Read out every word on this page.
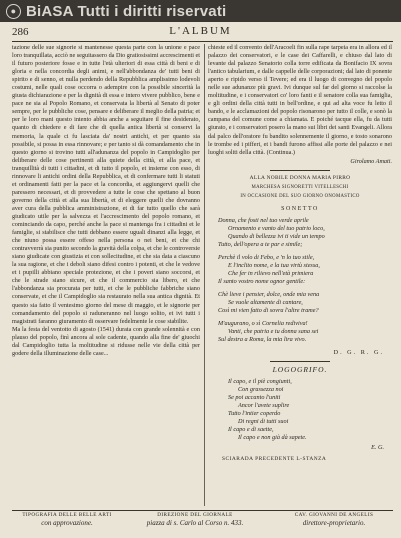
● BiASA Tutti i diritti riservati
286	L'ALBUM

tazione delle sue signorie si mantenesse questa parte con la unione e pace loro tranquillata, acciò ne seguitassero da Dio gratiosissimi accrescimenti et il futuro posteriore fosse e in tutte l'età ulteriori di essa città di beni e di gloria e nella concordia degli animi, e nell'abbondanza de' tutti beni di spirito e di senno, et nulla perdendo della Repubblica amplissimo lodevoli costumi, nelle quali cose occorra o adempire con la possibile sincerità la giusta dichiarazione e per la dignità di essa e intero vivere pubblico, bene e pace ne sia al Popolo Romano, et conservata la libertà al Senato di poter sempre, per le pubbliche cose, pensare e deliberare il meglio della patria; et per le loro mani questo intento abbia anche a seguitare il fine desiderato, quanto di chiedere e di fare che di quella antica libertà si conservi la memoria, la quale ci fu lasciata da' nostri antichi, et per quanto sia possibile, si possa in essa rinnovare; e per tanto si dà comandamento che in questo giorno si trovino tutti all'adunanza del popolo in Campidoglio per deliberare delle cose pertinenti alla quiete della città, et alla pace, et tranquillità di tutti i cittadini, et di tutto il popolo, et insieme con esso, di rinnovare li antichi ordini della Repubblica, et di confermare tutti li statuti et ordinamenti fatti per la pace et la concordia, et aggiungervi quelli che paressero necessari, et di provvedere a tutte le cose che spettano al buon governo della città et alla sua libertà, et di eleggere quelli che dovranno aver cura della pubblica amministrazione, et di far tutto quello che sarà giudicato utile per la salvezza et l'accrescimento del popolo romano, et cominciando da capo, perché anche la pace si mantenga fra i cittadini et le famiglie, si stabilisce che tutti debbano essere uguali dinanzi alla legge, et che niuno possa essere offeso nella persona o nei beni, et che chi contravverrà sia punito secondo la gravità della colpa, et che le controversie siano giudicate con giustizia et con sollecitudine, et che sia data a ciascuno la sua ragione, et che i deboli siano difesi contro i potenti, et che le vedove et i pupilli abbiano speciale protezione, et che i poveri siano soccorsi, et che le strade siano sicure, et che il commercio sia libero, et che l'abbondanza sia procurata per tutti, et che le pubbliche fabbriche siano conservate, et che il Campidoglio sia restaurato nella sua antica dignità. Et questo sia fatto il ventesimo giorno del mese di maggio, et le signorie per comandamento del popolo si raduneranno nel luogo solito, et ivi tutti i magistrati faranno giuramento di osservare fedelmente le cose stabilite.

Ma la festa del ventotto di agosto (1541) durata con grande solennità e con plauso del popolo, finì ancora al sole cadente, quando alla fine de' giuochi dal Campidoglio tutta la moltitudine si ridusse nelle vie della città per godere della illuminazione delle case...

chieste ed il convento dell'Aracoeli fin sulla rape tarpeia era in allora ed il palazzo dei conservatori, e le case dei Caffarelli, e chiuso dal lato di levante dal palazzo Senatorio colla torre edificata da Bonifacio IX sovra l'antico tabularium, e dalle cappelle delle corporazioni; dal lato di ponente aperto e ripido verso il Tevere; ed era il luogo di convegno del popolo nelle sue adunanze più gravi. Ivi dunque sul far del giorno si raccolse la moltitudine, e i conservatori co' loro fanti e il senatore colla sua famiglia, e gli ordini della città tutti in bell'ordine, e qui ad alta voce fu letto il bando, e le acclamazioni del popolo risonarono per tutto il colle, e sonò la campana del comune come a chiamata. E poiché tacque ella, fu da tutti giurato, e i conservatori posero la mano sui libri dei santi Evangeli. Allora dal palco dell'oratore fu bandito solennemente il giorno, e tosto sonarono le trombe ed i pifferi, et i bandi furono affissi alle porte del palazzo e nei luoghi soliti della città. (Continua.)

Girolamo Amati.
ALLA NOBILE DONNA MARIA PIRRO
MARCHESA SIGNORETTI VITELLESCHI
IN OCCASIONE DEL SUO GIORNO ONOMASTICO
SONETTO
Donna, che fosti nel tuo verde aprile
Ornamento e vanto del tuo patrio loco,
Quando di bellezza ivi ti vide un tempo
Tutto, dell'opera a te par e simile;
Perchè il volo di Febo, e 'n lo tuo stile,
E l'inclito nome, e la tua virtù stessa,
Che fer in rilievo nell'età primiera
Il santo vostro nome ognor gentile:
Chè lieve i pensier, dolce, onde mia vena
Se vuole altamente di cantare,
Così mi vien fatto di sovra l'altre trame?
M'augurano, o sì Cornelia rediviva!
Vanti, che patria e tu donna sana sei
Sul destra a Roma, la mia lira vivo.
D. G. R. G.
LOGOGRIFO.
Il capo, e il piè congiunti,
Con grassezza noi
Se poi accanto l'uniti
Ancor l'avete suplire
Tutto l'intier coperdo
Di regni di tutti suoi
Il capo e di saette,
Il capo e non già dà sapete.
E. G.
SCIARADA PRECEDENTE L-STANZA
TIPOGRAFIA DELLE BELLE ARTI
con approvazione.
DIREZIONE DEL GIORNALE
piazza di s. Carlo al Corso n. 433.
CAV. GIOVANNI DE ANGELIS
direttore-proprietario.
